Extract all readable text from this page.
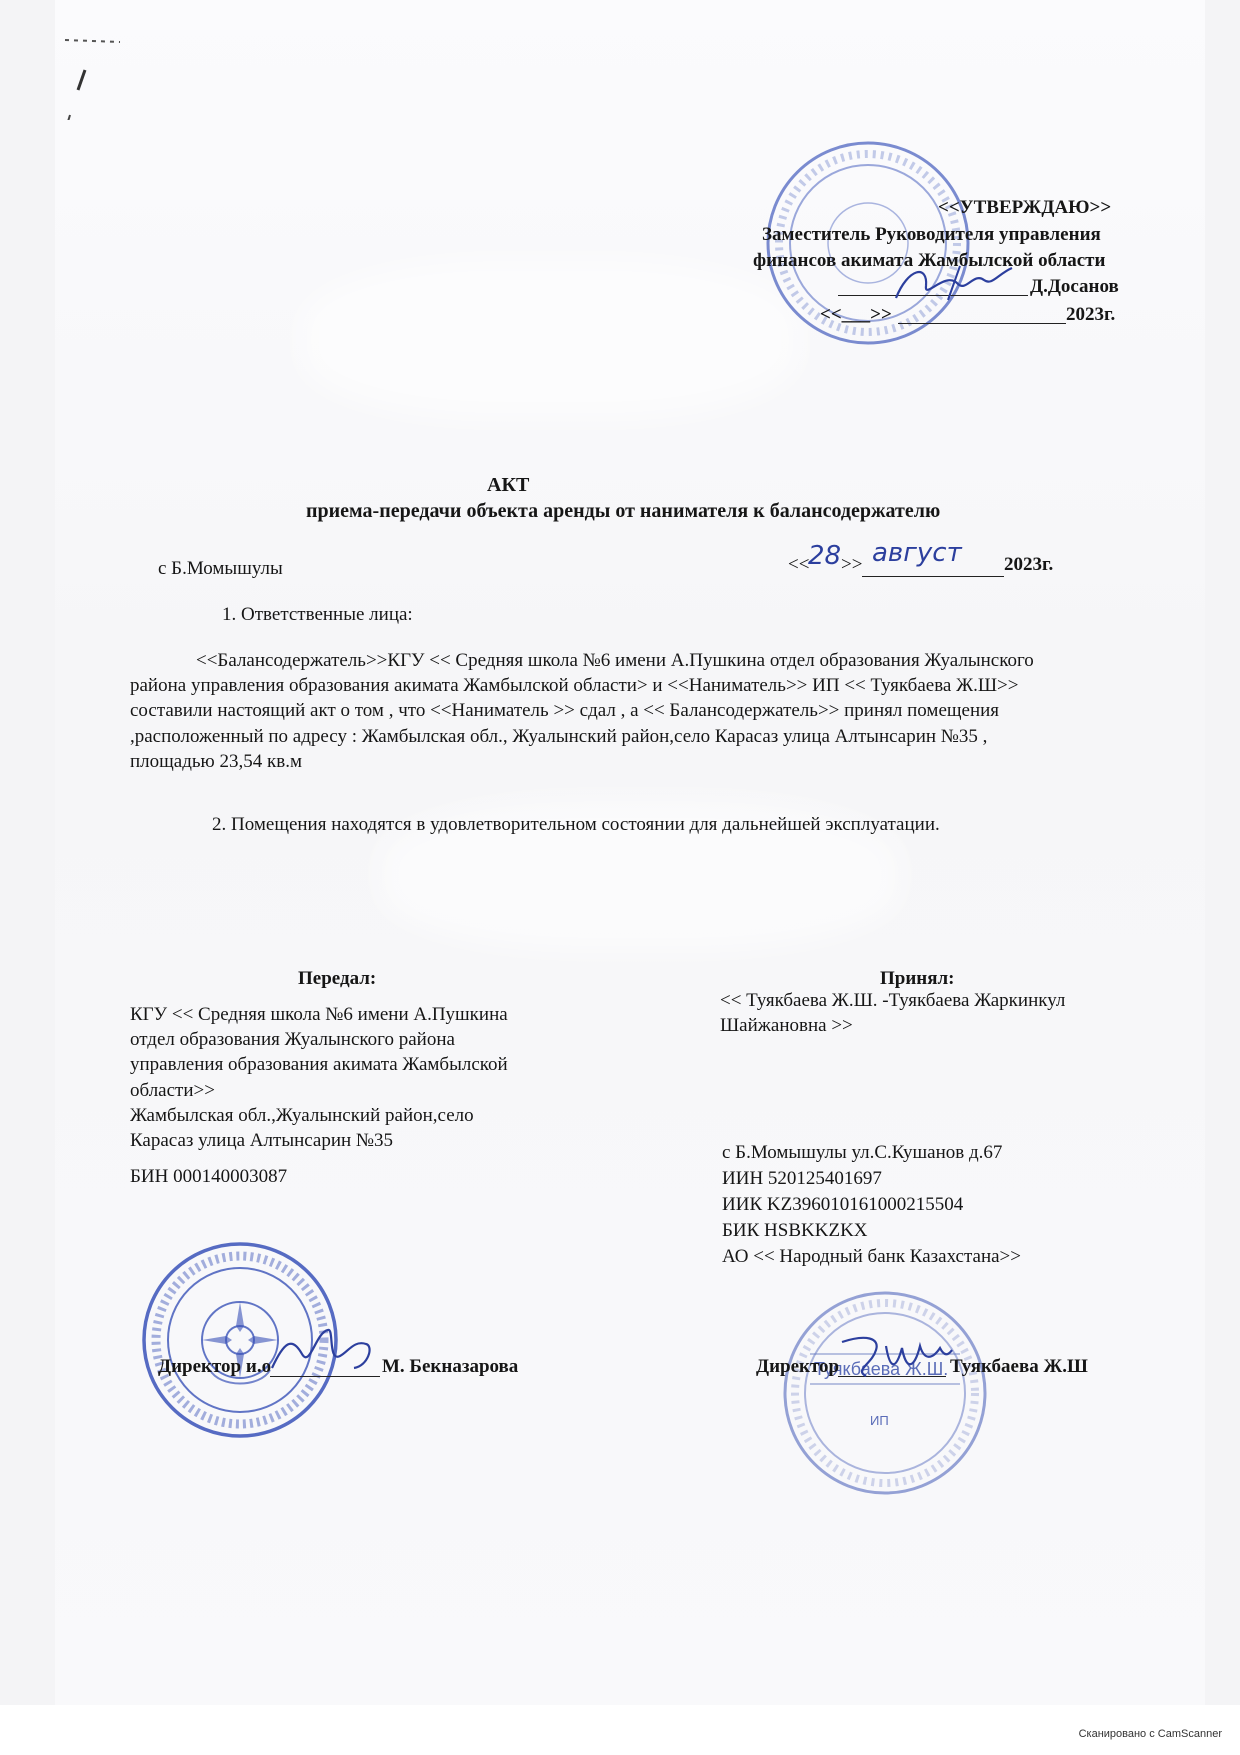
<<УТВЕРЖДАЮ>>
Заместитель Руководителя управления
финансов акимата Жамбылской области
Д.Досанов
<<___>>	2023г.
АКТ
приема-передачи объекта аренды от нанимателя к балансодержателю
с Б.Момышулы	<<
28 >> август 2023г.
1. Ответственные лица:
<<Балансодержатель>>КГУ << Средняя школа №6 имени А.Пушкина отдел образования Жуалынского
района управления образования акимата Жамбылской области> и <<Наниматель>> ИП << Туякбаева Ж.Ш>>
составили настоящий акт о том , что <<Наниматель >> сдал , а << Балансодержатель>> принял помещения
,расположенный по адресу : Жамбылская обл., Жуалынский район,село Карасаз улица Алтынсарин №35 ,
площадью 23,54 кв.м
2. Помещения находятся в удовлетворительном состоянии для дальнейшей эксплуатации.
Передал:
КГУ << Средняя школа №6 имени А.Пушкина
отдел образования Жуалынского района
управления образования акимата Жамбылской
области>>
Жамбылская обл.,Жуалынский район,село
Карасаз улица Алтынсарин №35
БИН 000140003087
Принял:
<< Туякбаева Ж.Ш. -Туякбаева Жаркинкул
Шайжановна >>
с Б.Момышулы ул.С.Кушанов д.67
ИИН 520125401697
ИИК KZ396010161000215504
БИК HSBKKZKX
АО << Народный банк Казахстана>>
Директор и.о	М. Бекназарова	Туякбаева Ж.Ш.
ИП
Директор	Туякбаева Ж.Ш
Сканировано с CamScanner
